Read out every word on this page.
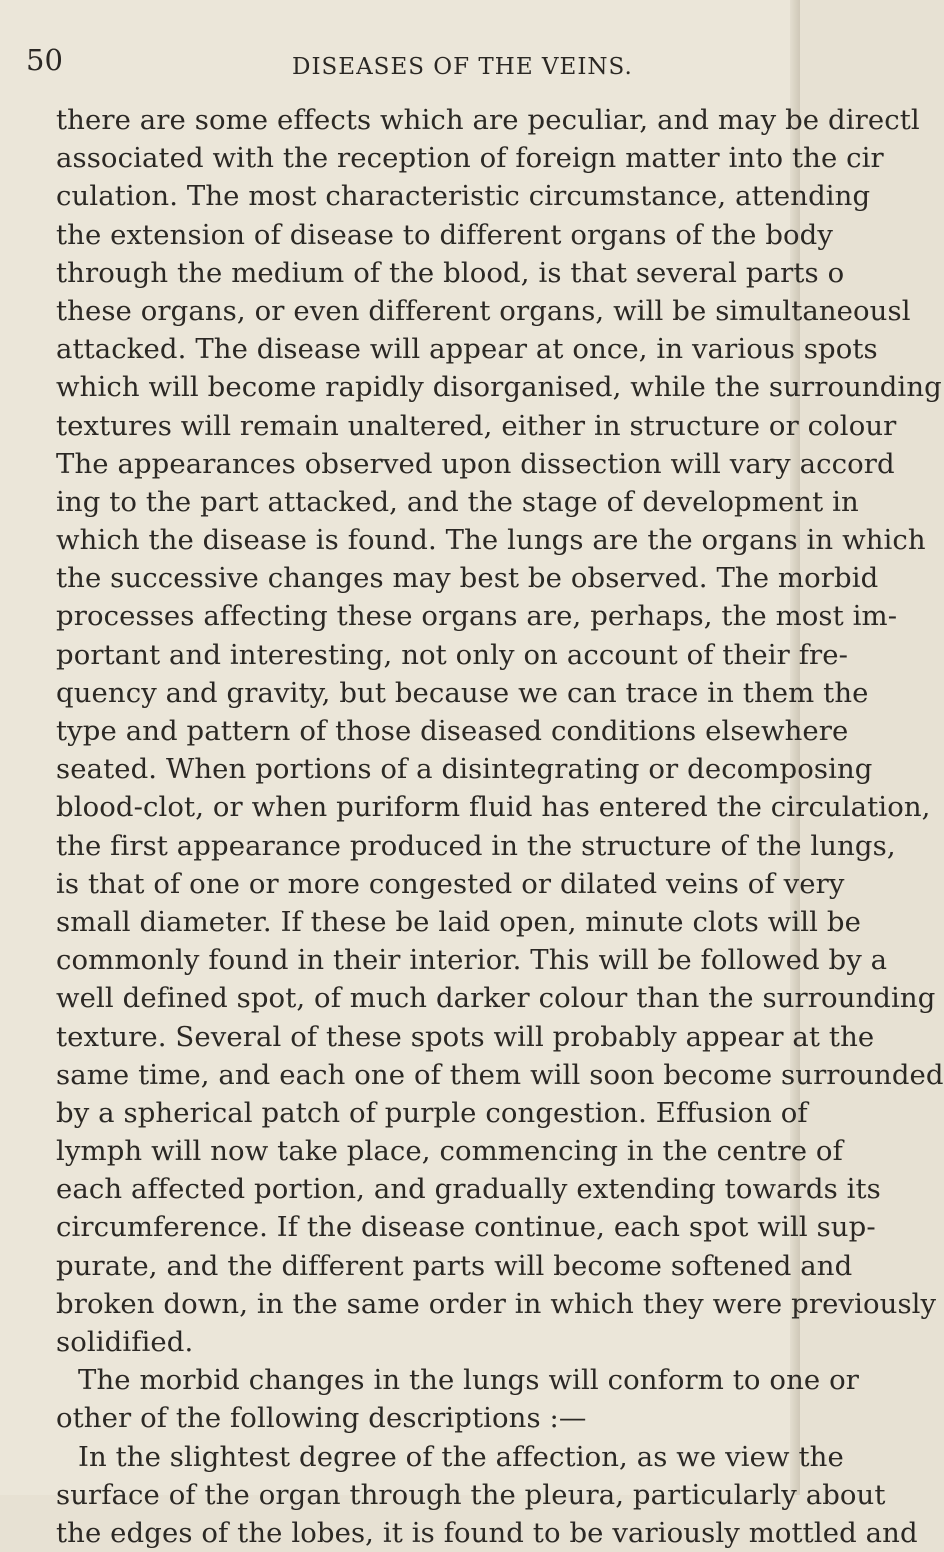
50	DISEASES OF THE VEINS.
there are some effects which are peculiar, and may be directl
associated with the reception of foreign matter into the cir
culation. The most characteristic circumstance, attending
the extension of disease to different organs of the body
through the medium of the blood, is that several parts o
these organs, or even different organs, will be simultaneousl
attacked. The disease will appear at once, in various spots
which will become rapidly disorganised, while the surrounding
textures will remain unaltered, either in structure or colour
The appearances observed upon dissection will vary accord
ing to the part attacked, and the stage of development in
which the disease is found. The lungs are the organs in which
the successive changes may best be observed. The morbid
processes affecting these organs are, perhaps, the most im-
portant and interesting, not only on account of their fre-
quency and gravity, but because we can trace in them the
type and pattern of those diseased conditions elsewhere
seated. When portions of a disintegrating or decomposing
blood-clot, or when puriform fluid has entered the circulation,
the first appearance produced in the structure of the lungs,
is that of one or more congested or dilated veins of very
small diameter. If these be laid open, minute clots will be
commonly found in their interior. This will be followed by a
well defined spot, of much darker colour than the surrounding
texture. Several of these spots will probably appear at the
same time, and each one of them will soon become surrounded
by a spherical patch of purple congestion. Effusion of
lymph will now take place, commencing in the centre of
each affected portion, and gradually extending towards its
circumference. If the disease continue, each spot will sup-
purate, and the different parts will become softened and
broken down, in the same order in which they were previously
solidified.
The morbid changes in the lungs will conform to one or
other of the following descriptions :—
In the slightest degree of the affection, as we view the
surface of the organ through the pleura, particularly about
the edges of the lobes, it is found to be variously mottled and
